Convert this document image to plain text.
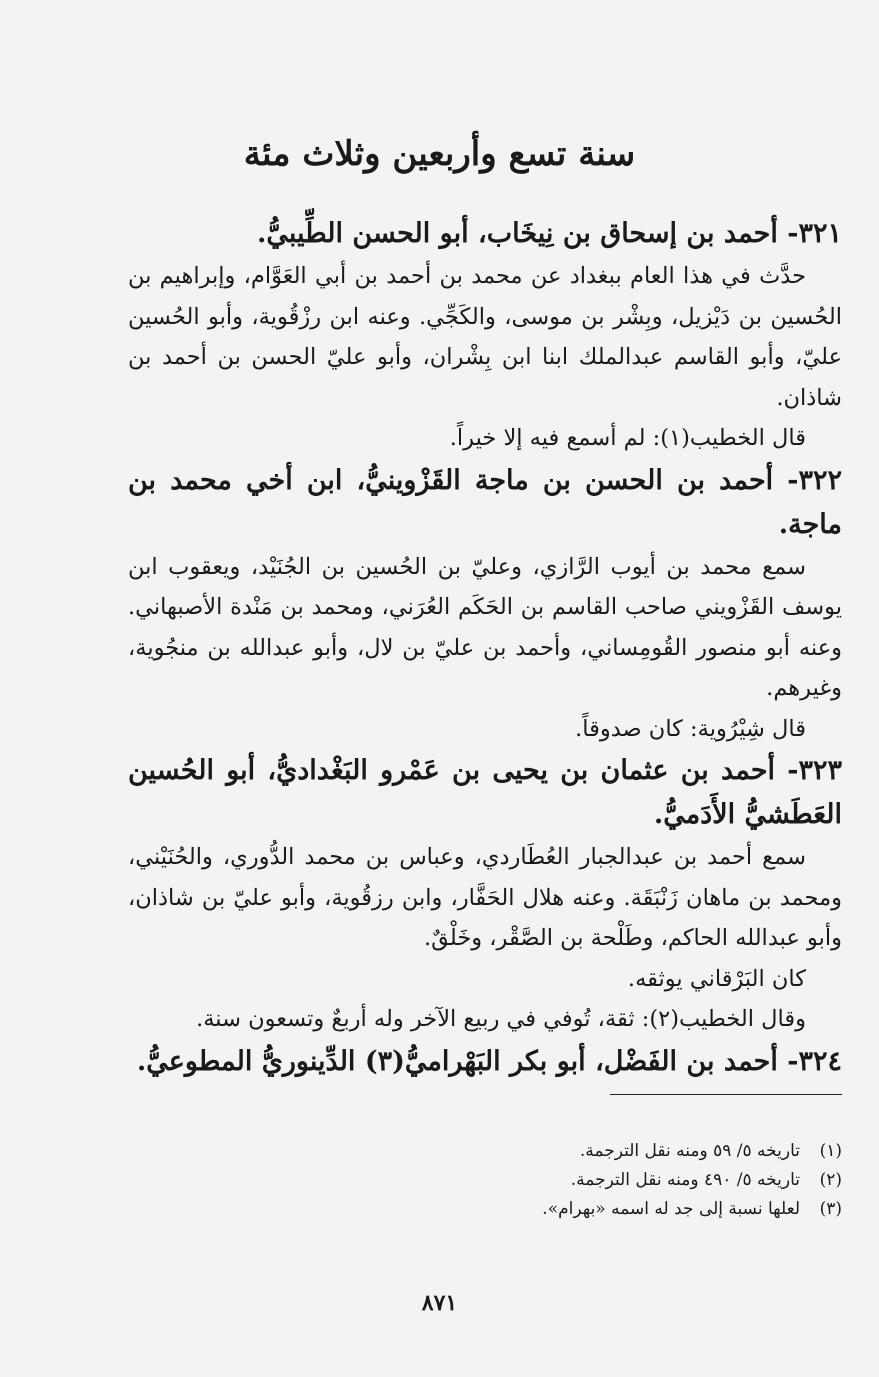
سنة تسع وأربعين وثلاث مئة

٣٢١- أحمد بن إسحاق بن نِيخَاب، أبو الحسن الطِّيبيُّ.

حدَّث في هذا العام ببغداد عن محمد بن أحمد بن أبي العَوَّام، وإبراهيم بن الحُسين بن دَيْزيل، وبِشْر بن موسى، والكَجِّي. وعنه ابن رزْقُوية، وأبو الحُسين عليّ، وأبو القاسم عبدالملك ابنا ابن بِشْران، وأبو عليّ الحسن بن أحمد بن شاذان.

قال الخطيب(١): لم أسمع فيه إلا خيراً.

٣٢٢- أحمد بن الحسن بن ماجة القَزْوينيُّ، ابن أخي محمد بن ماجة.

سمع محمد بن أيوب الرَّازي، وعليّ بن الحُسين بن الجُنَيْد، ويعقوب ابن يوسف القَزْويني صاحب القاسم بن الحَكَم العُرَني، ومحمد بن مَنْدة الأصبهاني. وعنه أبو منصور القُومِساني، وأحمد بن عليّ بن لال، وأبو عبدالله بن منجُوية، وغيرهم.

قال شِيْرُوية: كان صدوقاً.

٣٢٣- أحمد بن عثمان بن يحيى بن عَمْرو البَغْداديُّ، أبو الحُسين العَطَشيُّ الأَدَميُّ.

سمع أحمد بن عبدالجبار العُطَاردي، وعباس بن محمد الدُّوري، والحُنَيْني، ومحمد بن ماهان زَنْبَقَة. وعنه هلال الحَفَّار، وابن رزقُوية، وأبو عليّ بن شاذان، وأبو عبدالله الحاكم، وطَلْحة بن الصَّقْر، وخَلْقٌ.

كان البَرْقاني يوثقه.

وقال الخطيب(٢): ثقة، تُوفي في ربيع الآخر وله أربعٌ وتسعون سنة.

٣٢٤- أحمد بن الفَضْل، أبو بكر البَهْراميُّ(٣) الدِّينوريُّ المطوعيُّ.

(١)
تاريخه ٥/ ٥٩ ومنه نقل الترجمة.
(٢)
تاريخه ٥/ ٤٩٠ ومنه نقل الترجمة.
(٣)
لعلها نسبة إلى جد له اسمه «بهرام».
٨٧١
